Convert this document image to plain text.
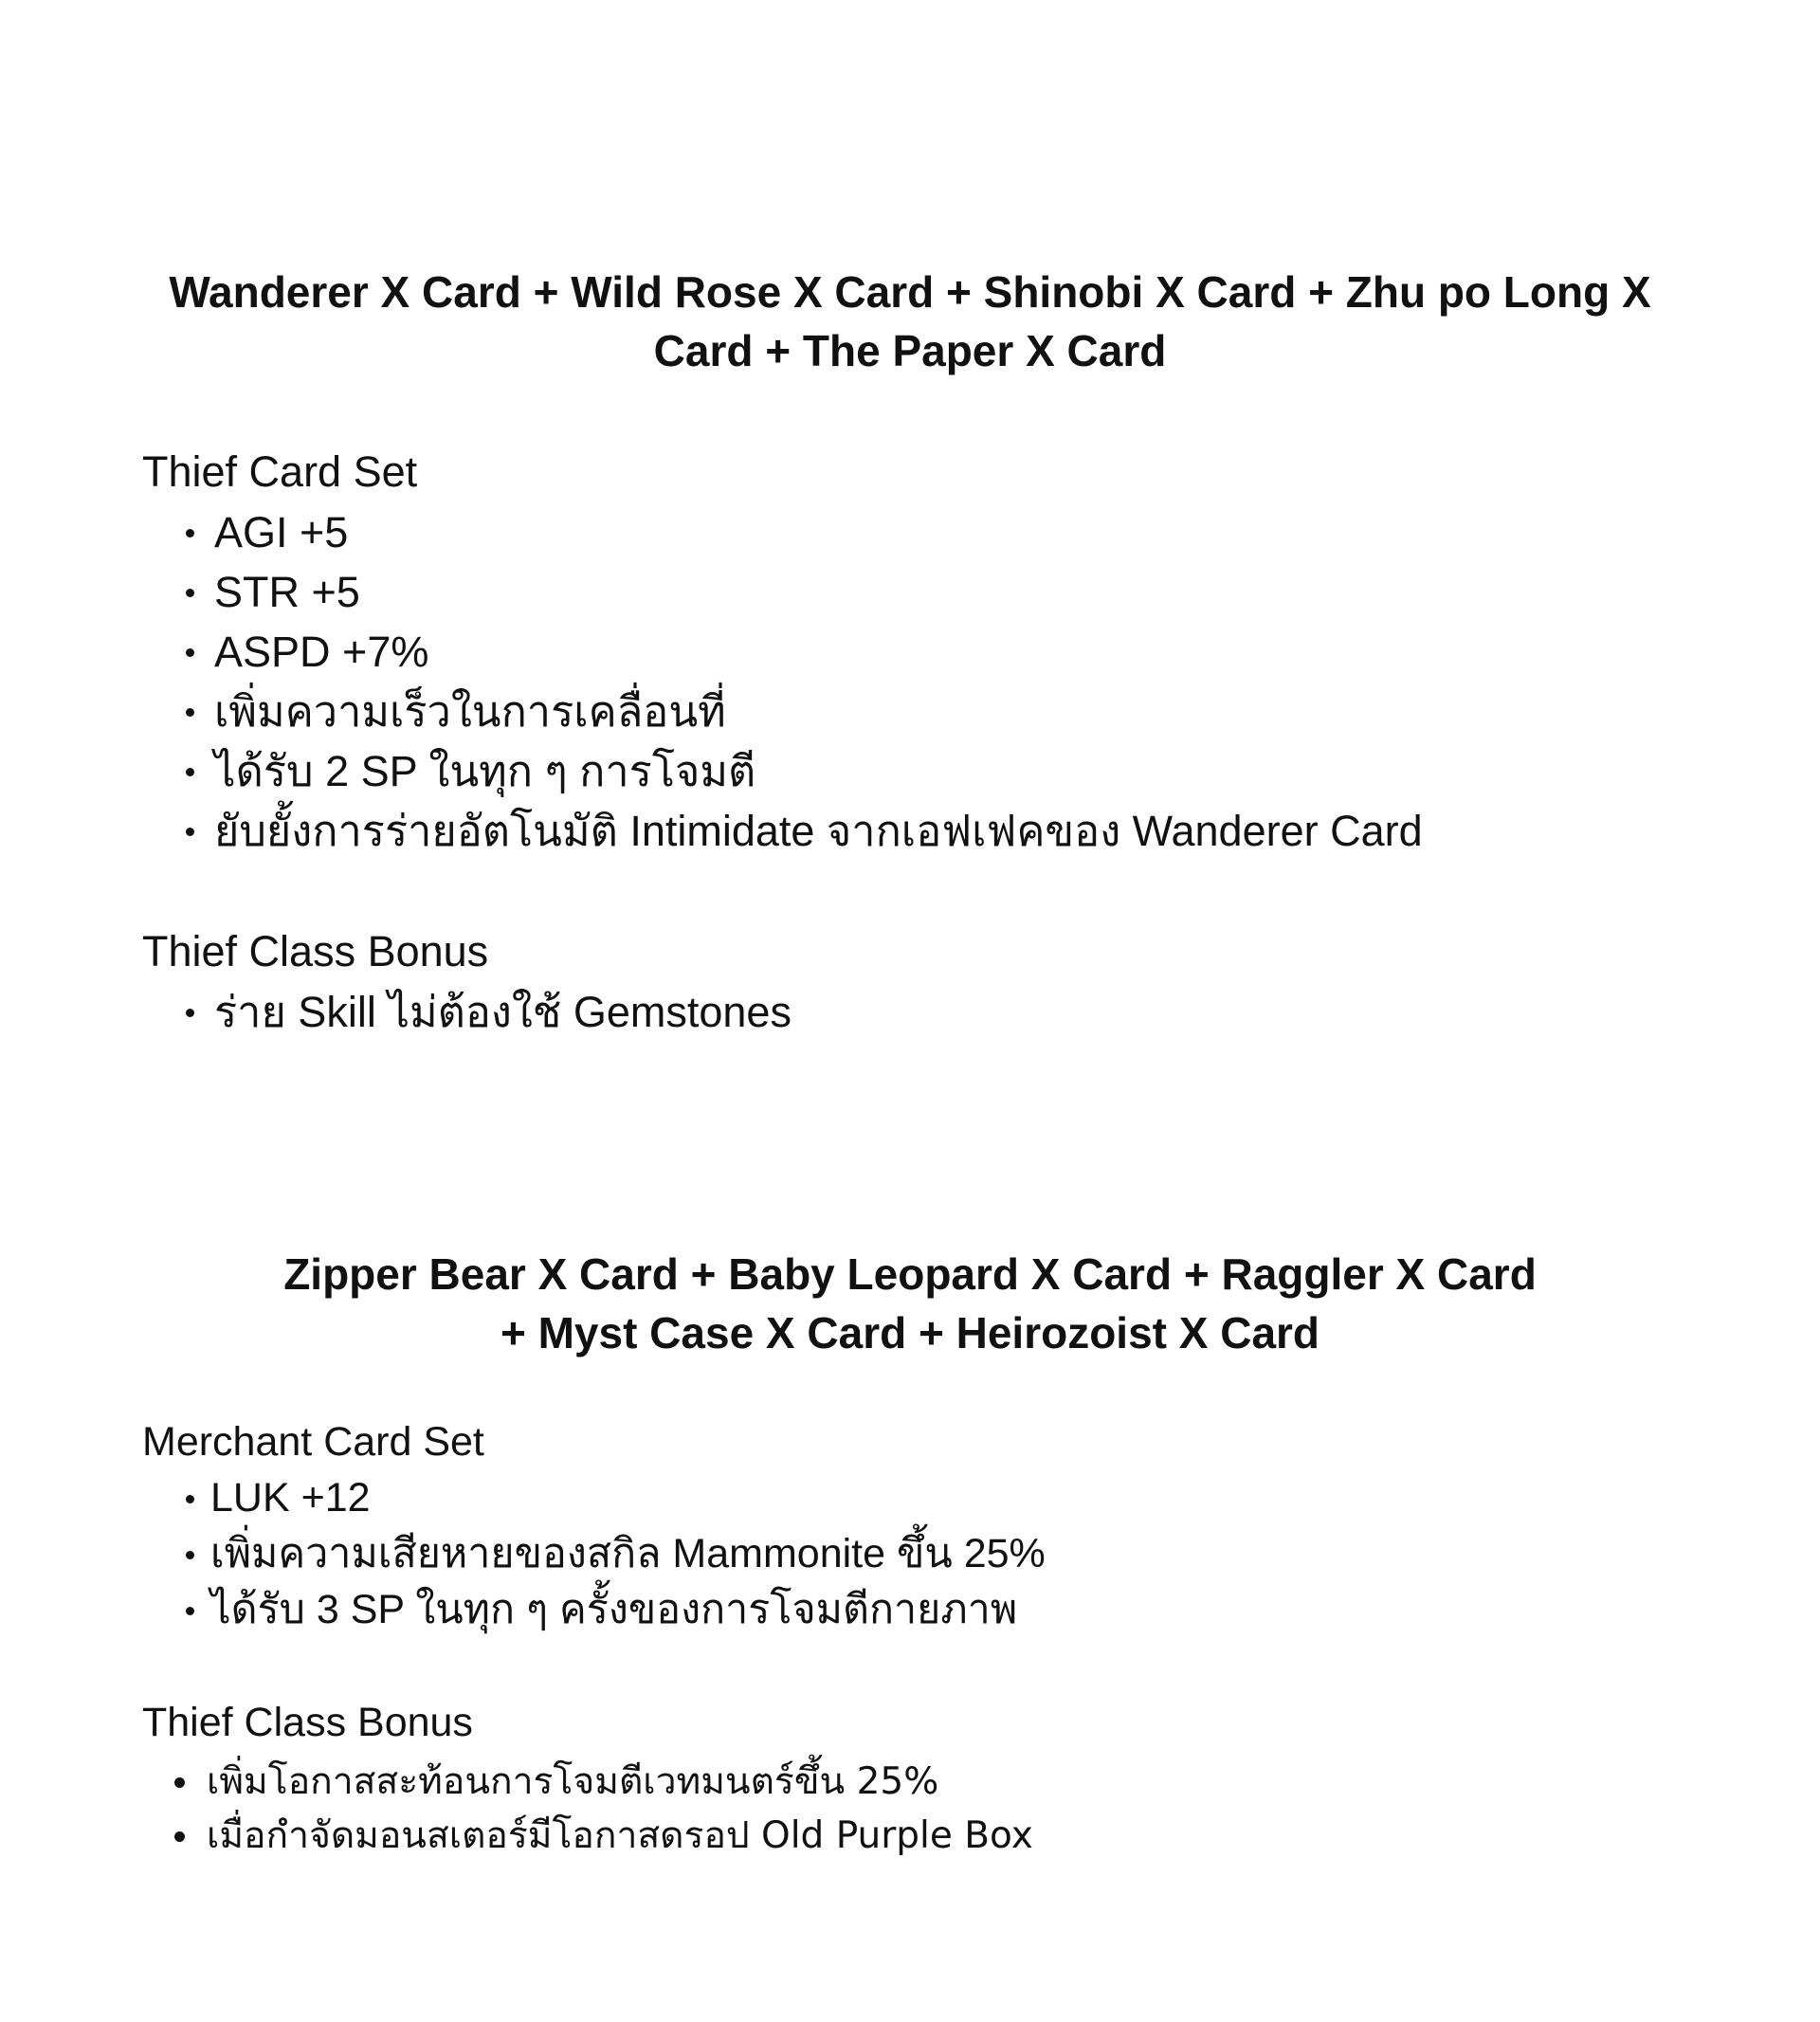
Wanderer X Card + Wild Rose X Card + Shinobi X Card + Zhu po Long X Card + The Paper X Card
Thief Card Set
AGI +5
STR +5
ASPD +7%
เพิ่มความเร็วในการเคลื่อนที่
ได้รับ 2 SP ในทุก ๆ การโจมตี
ยับยั้งการร่ายอัตโนมัติ Intimidate จากเอฟเฟคของ Wanderer Card
Thief Class Bonus
ร่าย Skill ไม่ต้องใช้ Gemstones
Zipper Bear X Card + Baby Leopard X Card + Raggler X Card + Myst Case X Card + Heirozoist X Card
Merchant Card Set
LUK +12
เพิ่มความเสียหายของสกิล Mammonite ขึ้น 25%
ได้รับ 3 SP ในทุก ๆ ครั้งของการโจมตีกายภาพ
Thief Class Bonus
เพิ่มโอกาสสะท้อนการโจมตีเวทมนตร์ขึ้น 25%
เมื่อกำจัดมอนสเตอร์มีโอกาสดรอป Old Purple Box
